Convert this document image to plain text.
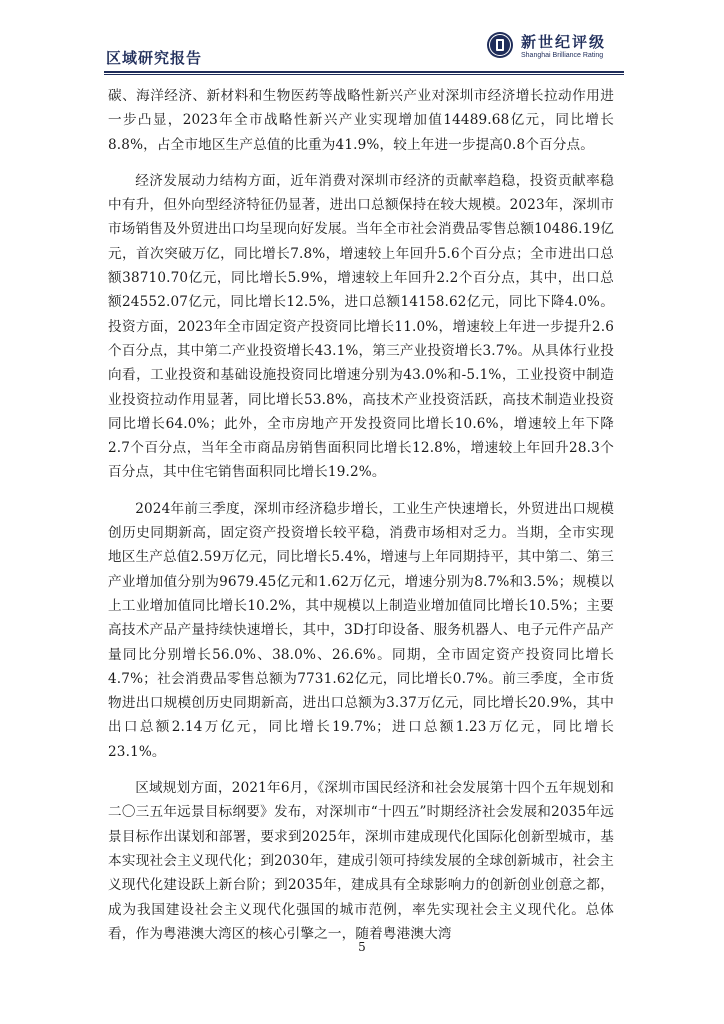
区域研究报告
新世纪评级
Shanghai Brilliance Rating

碳、海洋经济、新材料和生物医药等战略性新兴产业对深圳市经济增长拉动作用进一步凸显，2023年全市战略性新兴产业实现增加值14489.68亿元，同比增长8.8%，占全市地区生产总值的比重为41.9%，较上年进一步提高0.8个百分点。

经济发展动力结构方面，近年消费对深圳市经济的贡献率趋稳，投资贡献率稳中有升，但外向型经济特征仍显著，进出口总额保持在较大规模。2023年，深圳市市场销售及外贸进出口均呈现向好发展。当年全市社会消费品零售总额10486.19亿元，首次突破万亿，同比增长7.8%，增速较上年回升5.6个百分点；全市进出口总额38710.70亿元，同比增长5.9%，增速较上年回升2.2个百分点，其中，出口总额24552.07亿元，同比增长12.5%，进口总额14158.62亿元，同比下降4.0%。投资方面，2023年全市固定资产投资同比增长11.0%，增速较上年进一步提升2.6个百分点，其中第二产业投资增长43.1%，第三产业投资增长3.7%。从具体行业投向看，工业投资和基础设施投资同比增速分别为43.0%和-5.1%，工业投资中制造业投资拉动作用显著，同比增长53.8%，高技术产业投资活跃，高技术制造业投资同比增长64.0%；此外，全市房地产开发投资同比增长10.6%，增速较上年下降2.7个百分点，当年全市商品房销售面积同比增长12.8%，增速较上年回升28.3个百分点，其中住宅销售面积同比增长19.2%。

2024年前三季度，深圳市经济稳步增长，工业生产快速增长，外贸进出口规模创历史同期新高，固定资产投资增长较平稳，消费市场相对乏力。当期，全市实现地区生产总值2.59万亿元，同比增长5.4%，增速与上年同期持平，其中第二、第三产业增加值分别为9679.45亿元和1.62万亿元，增速分别为8.7%和3.5%；规模以上工业增加值同比增长10.2%，其中规模以上制造业增加值同比增长10.5%；主要高技术产品产量持续快速增长，其中，3D打印设备、服务机器人、电子元件产品产量同比分别增长56.0%、38.0%、26.6%。同期，全市固定资产投资同比增长4.7%；社会消费品零售总额为7731.62亿元，同比增长0.7%。前三季度，全市货物进出口规模创历史同期新高，进出口总额为3.37万亿元，同比增长20.9%，其中出口总额2.14万亿元，同比增长19.7%；进口总额1.23万亿元，同比增长23.1%。

区域规划方面，2021年6月，《深圳市国民经济和社会发展第十四个五年规划和二〇三五年远景目标纲要》发布，对深圳市“十四五”时期经济社会发展和2035年远景目标作出谋划和部署，要求到2025年，深圳市建成现代化国际化创新型城市，基本实现社会主义现代化；到2030年，建成引领可持续发展的全球创新城市，社会主义现代化建设跃上新台阶；到2035年，建成具有全球影响力的创新创业创意之都，成为我国建设社会主义现代化强国的城市范例，率先实现社会主义现代化。总体看，作为粤港澳大湾区的核心引擎之一，随着粤港澳大湾

5
